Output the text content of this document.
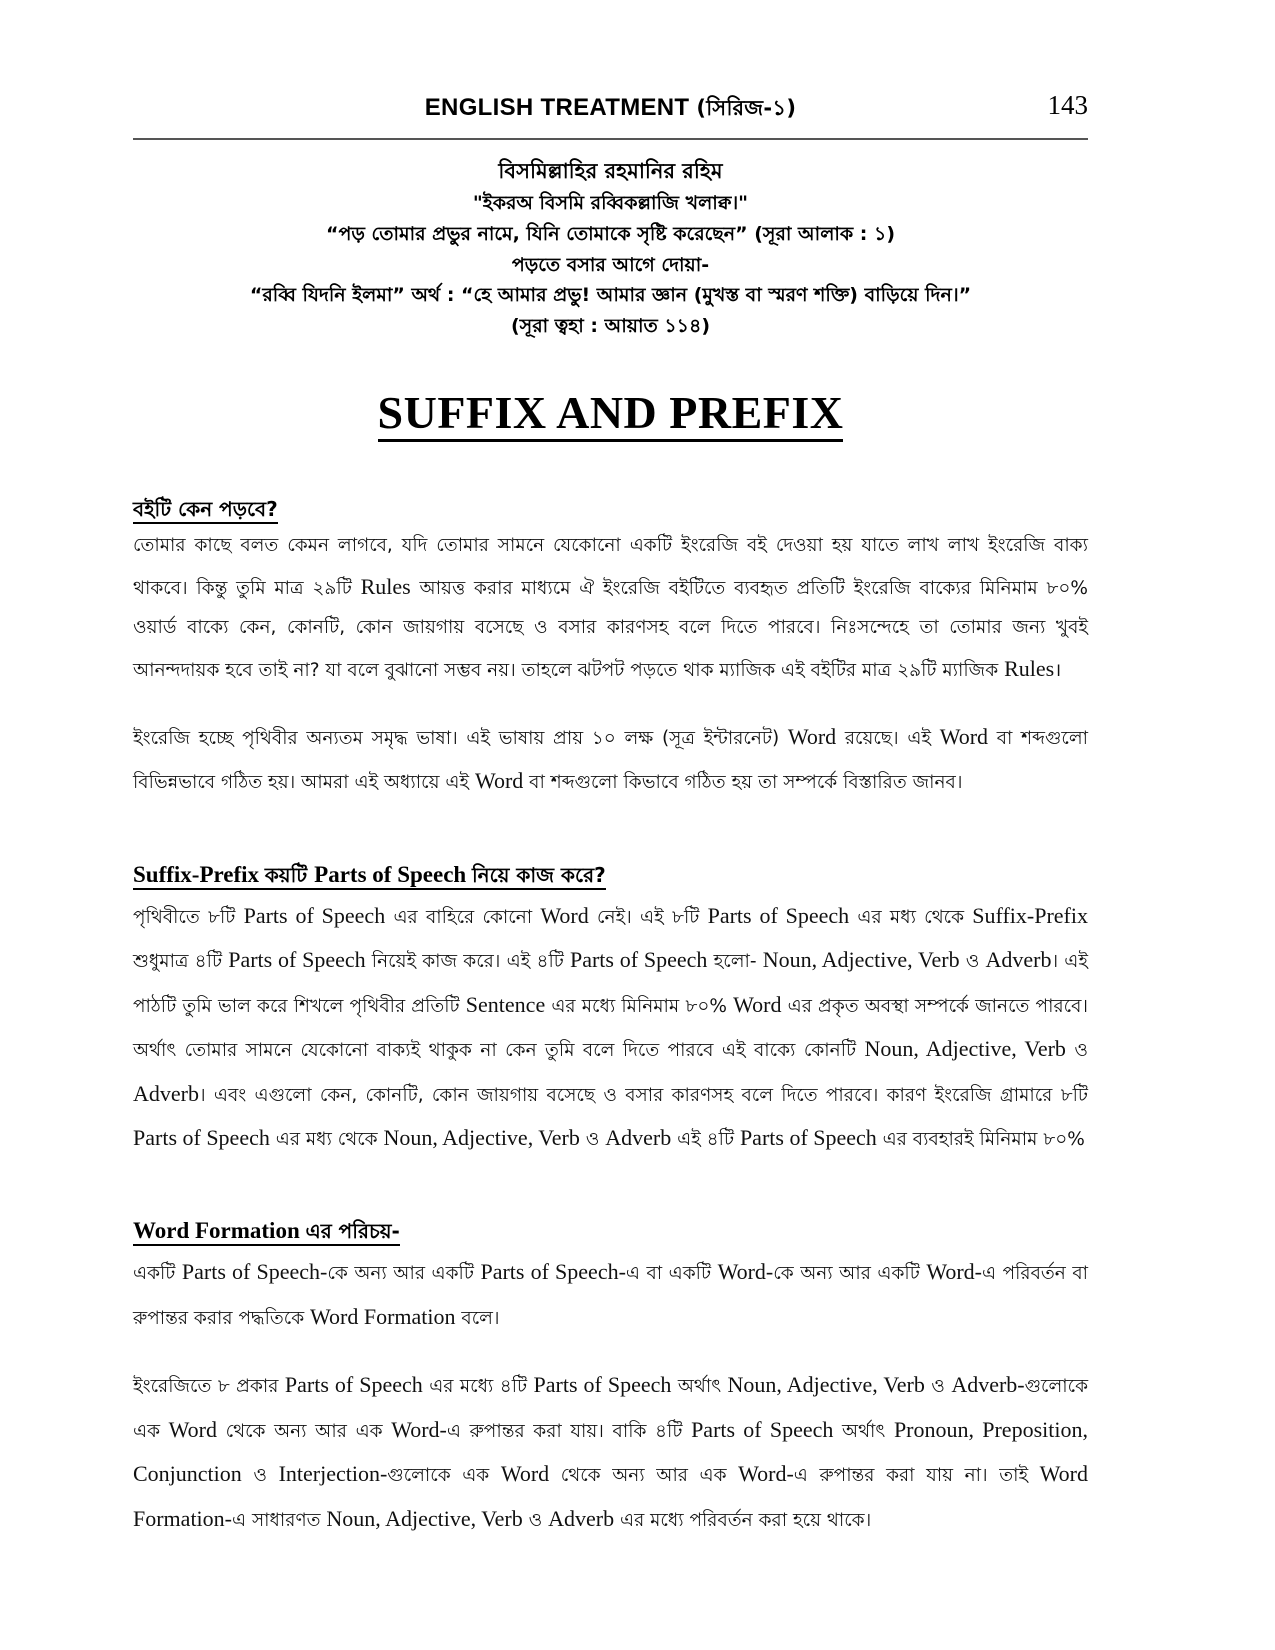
ENGLISH TREATMENT (সিরিজ-১)	143
বিসমিল্লাহির রহমানির রহিম
"ইকরঅ বিসমি রব্বিকল্লাজি খলাক্ব।"
“পড় তোমার প্রভুর নামে, যিনি তোমাকে সৃষ্টি করেছেন” (সূরা আলাক : ১)
পড়তে বসার আগে দোয়া-
“রব্বি যিদনি ইলমা” অর্থ : “হে আমার প্রভু! আমার জ্ঞান (মুখস্ত বা স্মরণ শক্তি) বাড়িয়ে দিন।”
(সূরা ত্বহা : আয়াত ১১৪)
SUFFIX AND PREFIX
বইটি কেন পড়বে?

তোমার কাছে বলত কেমন লাগবে, যদি তোমার সামনে যেকোনো একটি ইংরেজি বই দেওয়া হয় যাতে লাখ লাখ ইংরেজি বাক্য থাকবে। কিন্তু তুমি মাত্র ২৯টি Rules আয়ত্ত করার মাধ্যমে ঐ ইংরেজি বইটিতে ব্যবহৃত প্রতিটি ইংরেজি বাক্যের মিনিমাম ৮০% ওয়ার্ড বাক্যে কেন, কোনটি, কোন জায়গায় বসেছে ও বসার কারণসহ বলে দিতে পারবে। নিঃসন্দেহে তা তোমার জন্য খুবই আনন্দদায়ক হবে তাই না? যা বলে বুঝানো সম্ভব নয়। তাহলে ঝটপট পড়তে থাক ম্যাজিক এই বইটির মাত্র ২৯টি ম্যাজিক Rules।

ইংরেজি হচ্ছে পৃথিবীর অন্যতম সমৃদ্ধ ভাষা। এই ভাষায় প্রায় ১০ লক্ষ (সূত্র ইন্টারনেট) Word রয়েছে। এই Word বা শব্দগুলো বিভিন্নভাবে গঠিত হয়। আমরা এই অধ্যায়ে এই Word বা শব্দগুলো কিভাবে গঠিত হয় তা সম্পর্কে বিস্তারিত জানব।

Suffix-Prefix কয়টি Parts of Speech নিয়ে কাজ করে?

পৃথিবীতে ৮টি Parts of Speech এর বাহিরে কোনো Word নেই। এই ৮টি Parts of Speech এর মধ্য থেকে Suffix-Prefix শুধুমাত্র ৪টি Parts of Speech নিয়েই কাজ করে। এই ৪টি Parts of Speech হলো- Noun, Adjective, Verb ও Adverb। এই পাঠটি তুমি ভাল করে শিখলে পৃথিবীর প্রতিটি Sentence এর মধ্যে মিনিমাম ৮০% Word এর প্রকৃত অবস্থা সম্পর্কে জানতে পারবে। অর্থাৎ তোমার সামনে যেকোনো বাক্যই থাকুক না কেন তুমি বলে দিতে পারবে এই বাক্যে কোনটি Noun, Adjective, Verb ও Adverb। এবং এগুলো কেন, কোনটি, কোন জায়গায় বসেছে ও বসার কারণসহ বলে দিতে পারবে। কারণ ইংরেজি গ্রামারে ৮টি Parts of Speech এর মধ্য থেকে Noun, Adjective, Verb ও Adverb এই ৪টি Parts of Speech এর ব্যবহারই মিনিমাম ৮০%

Word Formation এর পরিচয়-

একটি Parts of Speech-কে অন্য আর একটি Parts of Speech-এ বা একটি Word-কে অন্য আর একটি Word-এ পরিবর্তন বা রুপান্তর করার পদ্ধতিকে Word Formation বলে।

ইংরেজিতে ৮ প্রকার Parts of Speech এর মধ্যে ৪টি Parts of Speech অর্থাৎ Noun, Adjective, Verb ও Adverb-গুলোকে এক Word থেকে অন্য আর এক Word-এ রুপান্তর করা যায়। বাকি ৪টি Parts of Speech অর্থাৎ Pronoun, Preposition, Conjunction ও Interjection-গুলোকে এক Word থেকে অন্য আর এক Word-এ রুপান্তর করা যায় না। তাই Word Formation-এ সাধারণত Noun, Adjective, Verb ও Adverb এর মধ্যে পরিবর্তন করা হয়ে থাকে।
